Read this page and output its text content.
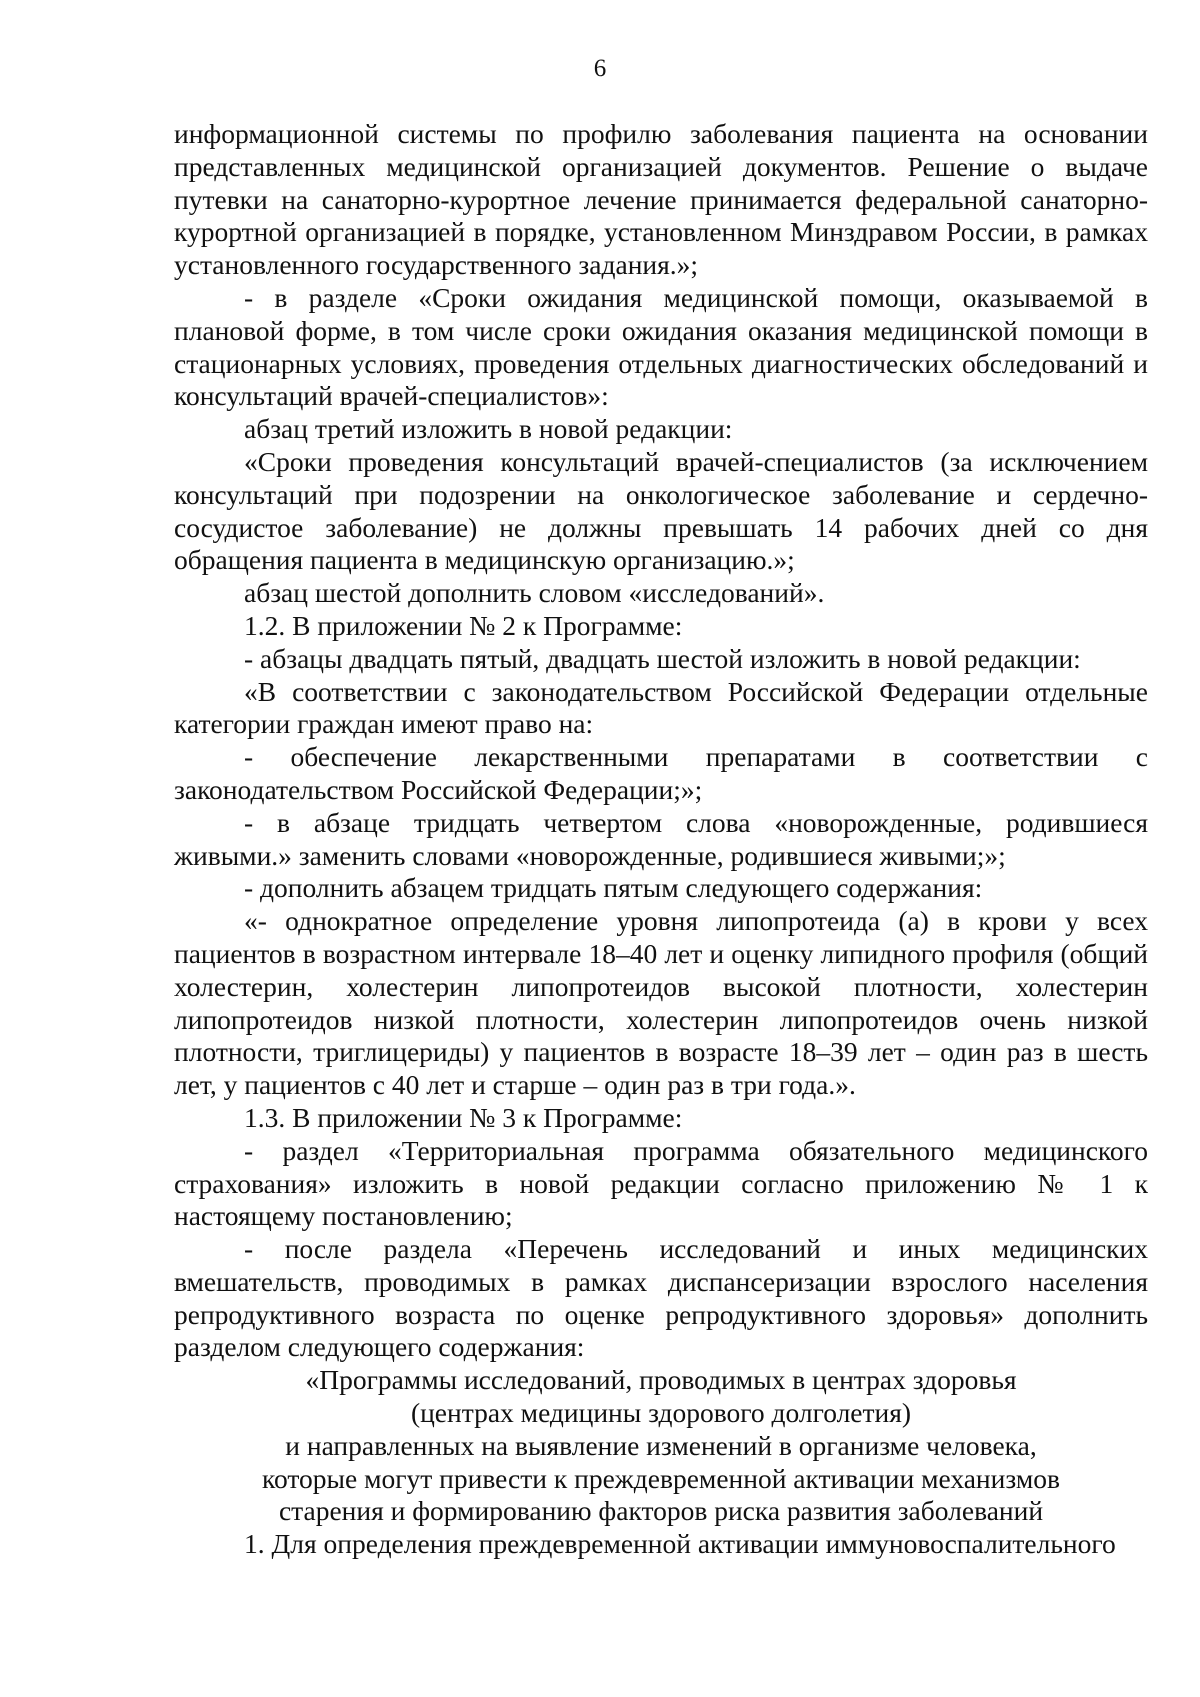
6

информационной системы по профилю заболевания пациента на основании представленных медицинской организацией документов. Решение о выдаче путевки на санаторно-курортное лечение принимается федеральной санаторно-курортной организацией в порядке, установленном Минздравом России, в рамках установленного государственного задания.»;

- в разделе «Сроки ожидания медицинской помощи, оказываемой в плановой форме, в том числе сроки ожидания оказания медицинской помощи в стационарных условиях, проведения отдельных диагностических обследований и консультаций врачей-специалистов»:

абзац третий изложить в новой редакции:

«Сроки проведения консультаций врачей-специалистов (за исключением консультаций при подозрении на онкологическое заболевание и сердечно-сосудистое заболевание) не должны превышать 14 рабочих дней со дня обращения пациента в медицинскую организацию.»;

абзац шестой дополнить словом «исследований».

1.2. В приложении № 2 к Программе:

- абзацы двадцать пятый, двадцать шестой изложить в новой редакции:

«В соответствии с законодательством Российской Федерации отдельные категории граждан имеют право на:

- обеспечение лекарственными препаратами в соответствии с законодательством Российской Федерации;»;

- в абзаце тридцать четвертом слова «новорожденные, родившиеся живыми.» заменить словами «новорожденные, родившиеся живыми;»;

- дополнить абзацем тридцать пятым следующего содержания:

«- однократное определение уровня липопротеида (а) в крови у всех пациентов в возрастном интервале 18–40 лет и оценку липидного профиля (общий холестерин, холестерин липопротеидов высокой плотности, холестерин липопротеидов низкой плотности, холестерин липопротеидов очень низкой плотности, триглицериды) у пациентов в возрасте 18–39 лет – один раз в шесть лет, у пациентов с 40 лет и старше – один раз в три года.».

1.3. В приложении № 3 к Программе:

- раздел «Территориальная программа обязательного медицинского страхования» изложить в новой редакции согласно приложению № 1 к настоящему постановлению;

- после раздела «Перечень исследований и иных медицинских вмешательств, проводимых в рамках диспансеризации взрослого населения репродуктивного возраста по оценке репродуктивного здоровья» дополнить разделом следующего содержания:

«Программы исследований, проводимых в центрах здоровья

(центрах медицины здорового долголетия)

и направленных на выявление изменений в организме человека,

которые могут привести к преждевременной активации механизмов

старения и формированию факторов риска развития заболеваний

1. Для определения преждевременной активации иммуновоспалительного
